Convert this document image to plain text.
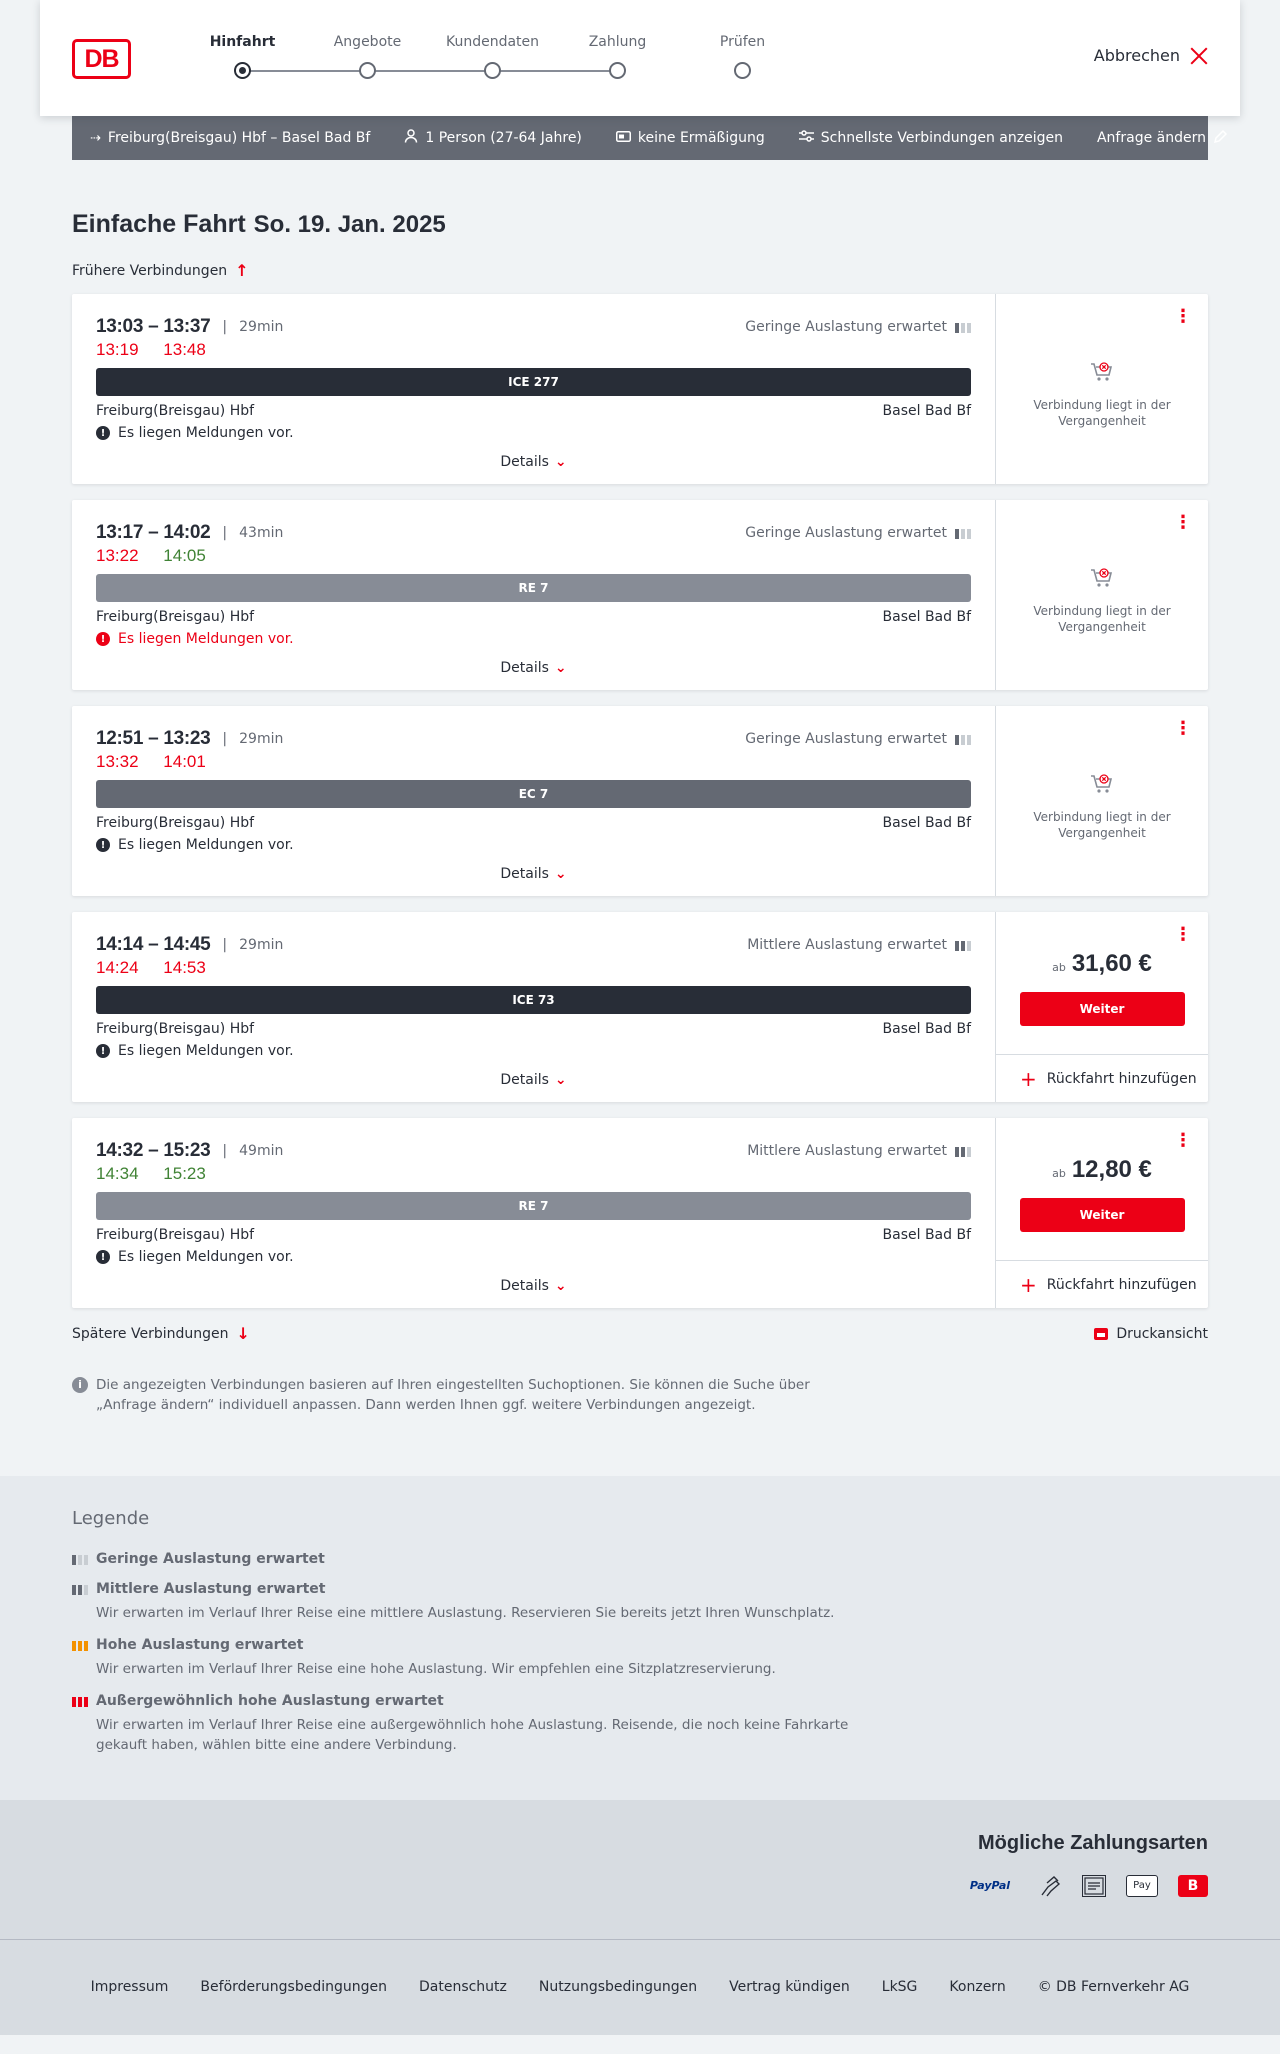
DB
Hinfahrt	Angebote	Kundendaten	Zahlung	Prüfen
Abbrechen
⇢ Freiburg(Breisgau) Hbf – Basel Bad Bf	1 Person (27-64 Jahre)	keine Ermäßigung	Schnellste Verbindungen anzeigen Anfrage ändern
Einfache Fahrt So. 19. Jan. 2025
Frühere Verbindungen ↑
13:03 – 13:37 | 29min	Geringe Auslastung erwartet
13:19 13:48
ICE 277
Freiburg(Breisgau) Hbf	Basel Bad Bf
! Es liegen Meldungen vor.
Details ⌄
⋮
Verbindung liegt in der Vergangenheit
13:17 – 14:02 | 43min	Geringe Auslastung erwartet
13:22 14:05
RE 7
Freiburg(Breisgau) Hbf	Basel Bad Bf
! Es liegen Meldungen vor.
Details ⌄
⋮
Verbindung liegt in der Vergangenheit
12:51 – 13:23 | 29min	Geringe Auslastung erwartet
13:32 14:01
EC 7
Freiburg(Breisgau) Hbf	Basel Bad Bf
! Es liegen Meldungen vor.
Details ⌄
⋮
Verbindung liegt in der Vergangenheit
14:14 – 14:45 | 29min	Mittlere Auslastung erwartet
14:24 14:53
ICE 73
Freiburg(Breisgau) Hbf	Basel Bad Bf
! Es liegen Meldungen vor.
Details ⌄
⋮
ab 31,60 €
Weiter
+ Rückfahrt hinzufügen
14:32 – 15:23 | 49min	Mittlere Auslastung erwartet
14:34 15:23
RE 7
Freiburg(Breisgau) Hbf	Basel Bad Bf
! Es liegen Meldungen vor.
Details ⌄
⋮
ab 12,80 €
Weiter
+ Rückfahrt hinzufügen
Spätere Verbindungen ↓	Druckansicht
i	Die angezeigten Verbindungen basieren auf Ihren eingestellten Suchoptionen. Sie können die Suche über „Anfrage ändern“ individuell anpassen. Dann werden Ihnen ggf. weitere Verbindungen angezeigt.
Legende
Geringe Auslastung erwartet
Mittlere Auslastung erwartet
Wir erwarten im Verlauf Ihrer Reise eine mittlere Auslastung. Reservieren Sie bereits jetzt Ihren Wunschplatz.
Hohe Auslastung erwartet
Wir erwarten im Verlauf Ihrer Reise eine hohe Auslastung. Wir empfehlen eine Sitzplatzreservierung.
Außergewöhnlich hohe Auslastung erwartet
Wir erwarten im Verlauf Ihrer Reise eine außergewöhnlich hohe Auslastung. Reisende, die noch keine Fahrkarte gekauft haben, wählen bitte eine andere Verbindung.
Mögliche Zahlungsarten
PayPal	Pay	B
Impressum Beförderungsbedingungen Datenschutz Nutzungsbedingungen Vertrag kündigen LkSG Konzern © DB Fernverkehr AG
